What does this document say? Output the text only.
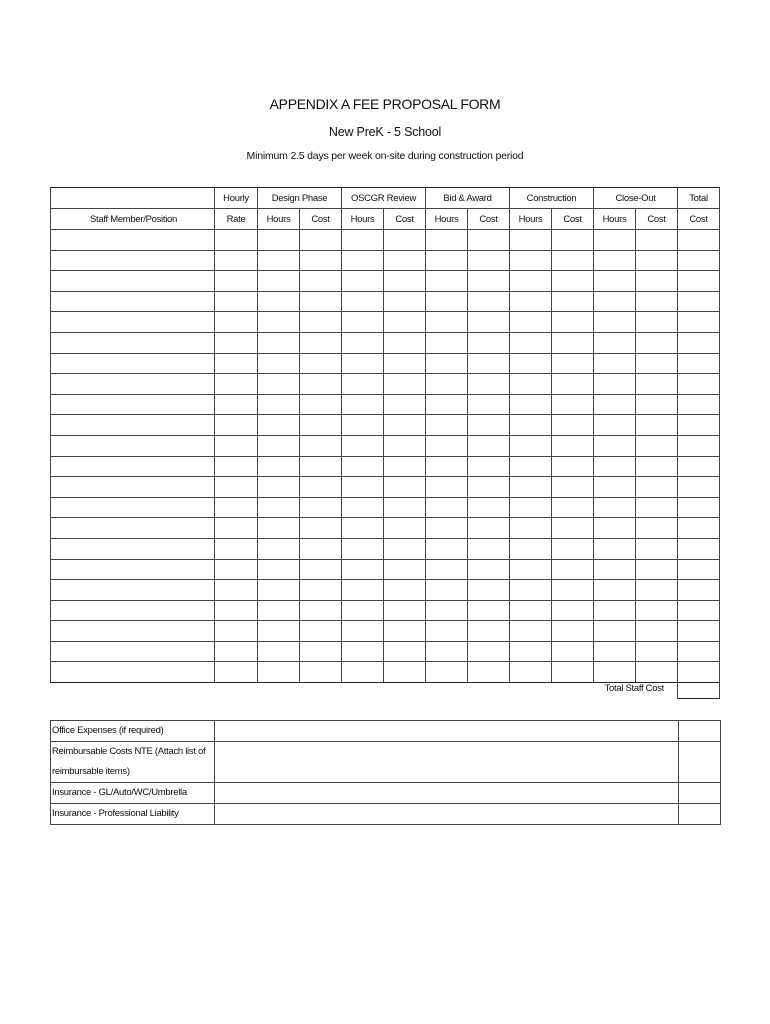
APPENDIX A FEE PROPOSAL FORM
New PreK - 5 School
Minimum 2.5 days per week on-site during construction period
	Hourly	Design Phase		OSCGR Review		Bid & Award		Construction		Close-Out		Total
Staff Member/Position	Rate	Hours	Cost	Hours	Cost	Hours	Cost	Hours	Cost	Hours	Cost	Cost

Total Staff Cost
Office Expenses (if required)		
Reimbursable Costs NTE (Attach list of reimbursable items)		
Insurance - GL/Auto/WC/Umbrella		
Insurance - Professional Liability		
